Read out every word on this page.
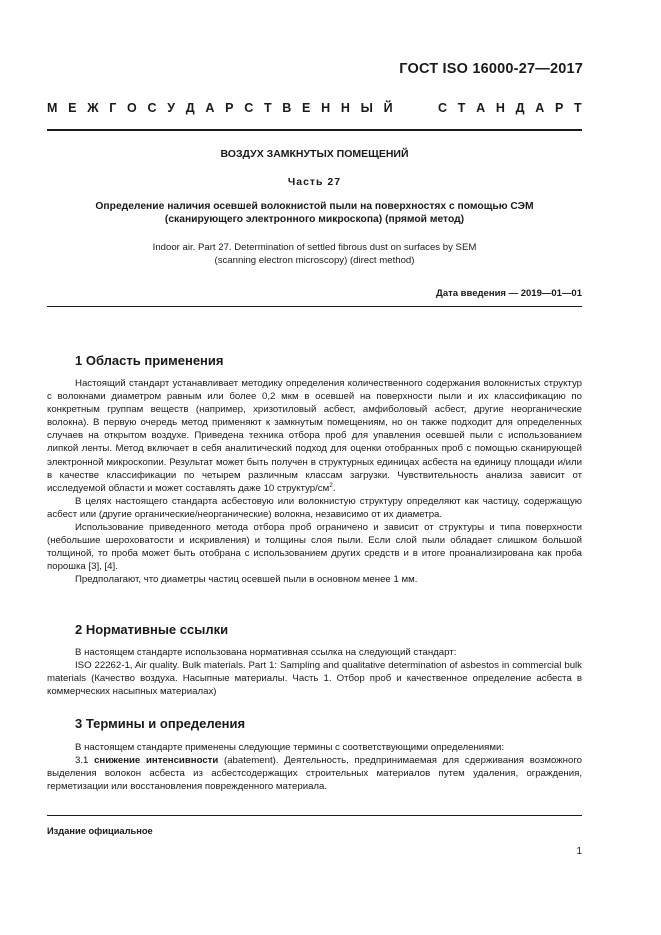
ГОСТ ISO 16000-27—2017
М Е Ж Г О С У Д А Р С Т В Е Н Н Ы Й	С Т А Н Д А Р Т
ВОЗДУХ ЗАМКНУТЫХ ПОМЕЩЕНИЙ
Часть 27
Определение наличия осевшей волокнистой пыли на поверхностях с помощью СЭМ
(сканирующего электронного микроскопа) (прямой метод)
Indoor air. Part 27. Determination of settled fibrous dust on surfaces by SEM
(scanning electron microscopy) (direct method)
Дата введения — 2019—01—01
1 Область применения

Настоящий стандарт устанавливает методику определения количественного содержания волокнистых структур с волокнами диаметром равным или более 0,2 мкм в осевшей на поверхности пыли и их классификацию по конкретным группам веществ (например, хризотиловый асбест, амфиболовый асбест, другие неорганические волокна). В первую очередь метод применяют к замкнутым помещениям, но он также подходит для определенных случаев на открытом воздухе. Приведена техника отбора проб для упавления осевшей пыли с использованием липкой ленты. Метод включает в себя аналитический подход для оценки отобранных проб с помощью сканирующей электронной микроскопии. Результат может быть получен в структурных единицах асбеста на единицу площади и/или в качестве классификации по четырем различным классам загрузки. Чувствительность анализа зависит от исследуемой области и может составлять даже 10 структур/$см^2$.

В целях настоящего стандарта асбестовую или волокнистую структуру определяют как частицу, содержащую асбест или (другие органические/неорганические) волокна, независимо от их диаметра.

Использование приведенного метода отбора проб ограничено и зависит от структуры и типа поверхности (небольшие шероховатости и искривления) и толщины слоя пыли. Если слой пыли обладает слишком большой толщиной, то проба может быть отобрана с использованием других средств и в итоге проанализирована как проба порошка [3], [4].

Предполагают, что диаметры частиц осевшей пыли в основном менее 1 мм.

2 Нормативные ссылки

В настоящем стандарте использована нормативная ссылка на следующий стандарт:

ISO 22262-1, Air quality. Bulk materials. Part 1: Sampling and qualitative determination of asbestos in commercial bulk materials (Качество воздуха. Насыпные материалы. Часть 1. Отбор проб и качественное определение асбеста в коммерческих насыпных материалах)

3 Термины и определения

В настоящем стандарте применены следующие термины с соответствующими определениями:

3.1 снижение интенсивности (abatement). Деятельность, предпринимаемая для сдерживания возможного выделения волокон асбеста из асбестсодержащих строительных материалов путем удаления, ограждения, герметизации или восстановления поврежденного материала.

Издание официальное
1
